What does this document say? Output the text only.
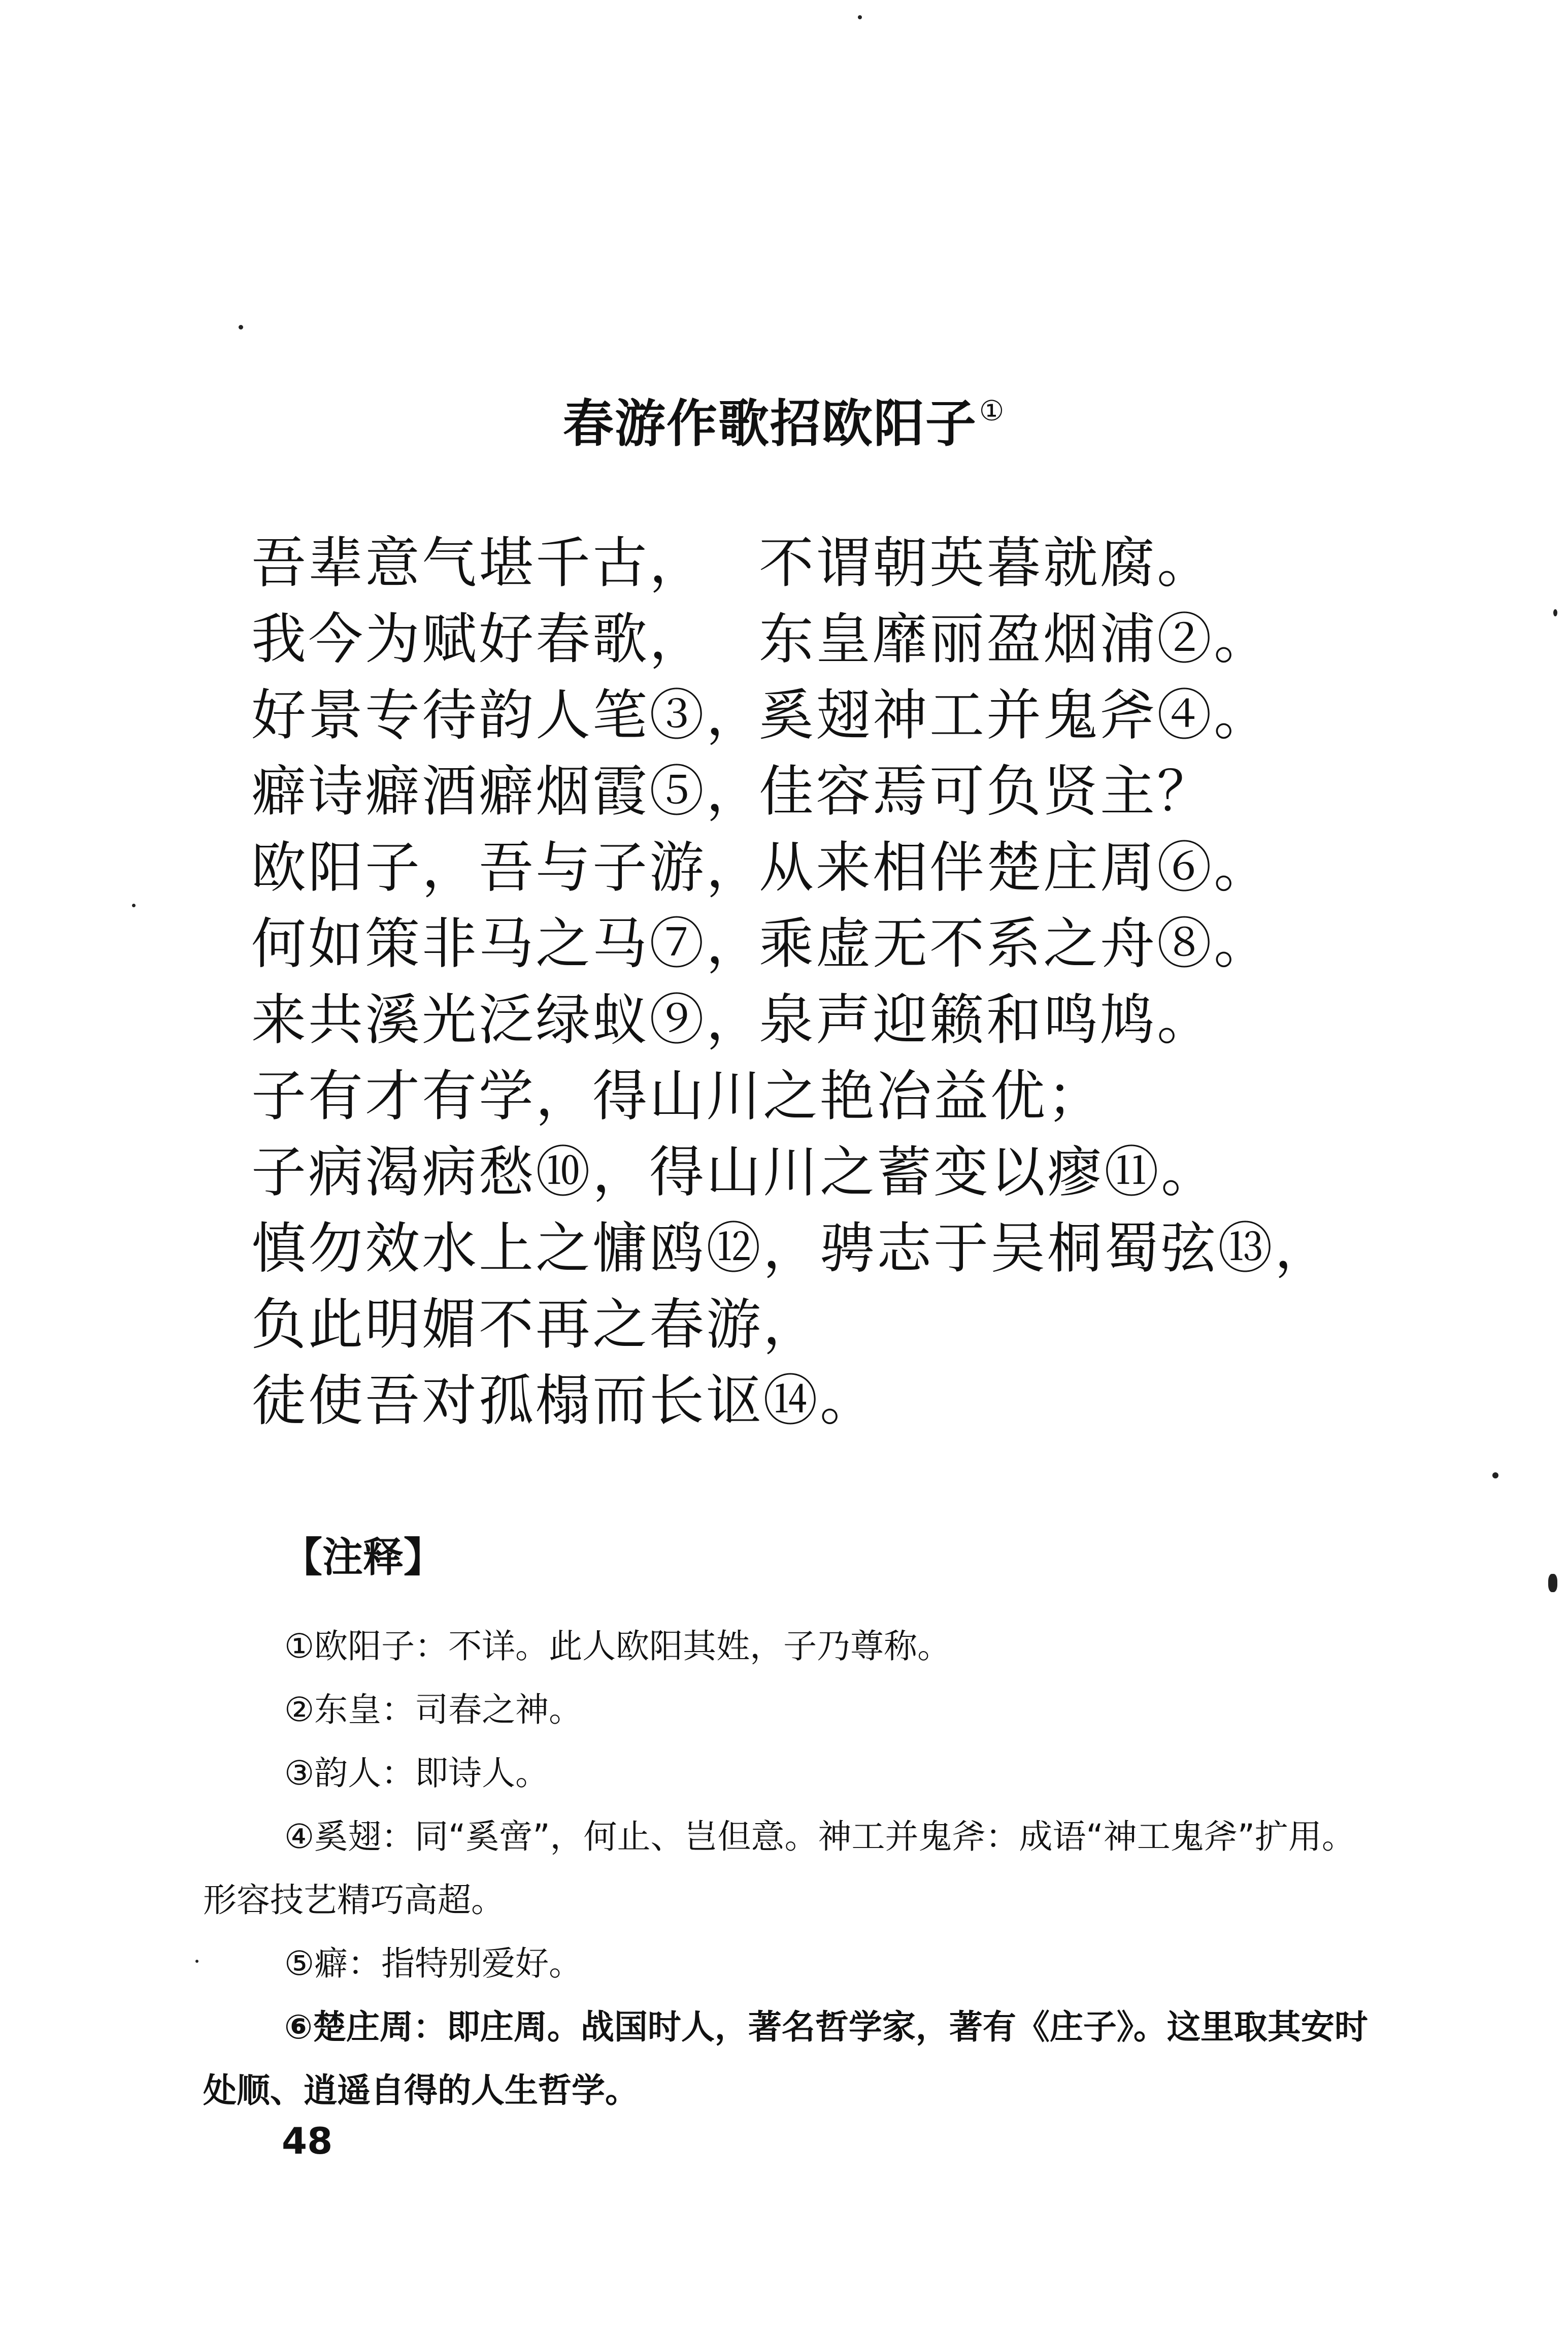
春游作歌招欧阳子①
吾辈意气堪千古， 不谓朝英暮就腐。
我今为赋好春歌， 东皇靡丽盈烟浦②。
好景专待韵人笔③，奚翅神工并鬼斧④。
癖诗癖酒癖烟霞⑤，佳容焉可负贤主？
欧阳子，吾与子游，从来相伴楚庄周⑥。
何如策非马之马⑦，乘虚无不系之舟⑧。
来共溪光泛绿蚁⑨，泉声迎籁和鸣鸠。
子有才有学，得山川之艳冶益优；
子病渴病愁⑩，得山川之蓄变以瘳⑪。
慎勿效水上之慵鸥⑫，骋志于吴桐蜀弦⑬，
负此明媚不再之春游，
徒使吾对孤榻而长讴⑭。
【注释】

①欧阳子：不详。此人欧阳其姓，子乃尊称。

②东皇：司春之神。

③韵人：即诗人。

④奚翅：同“奚啻”，何止、岂但意。神工并鬼斧：成语“神工鬼斧”扩用。形容技艺精巧高超。

⑤癖：指特别爱好。

⑥楚庄周：即庄周。战国时人，著名哲学家，著有《庄子》。这里取其安时处顺、逍遥自得的人生哲学。

48
